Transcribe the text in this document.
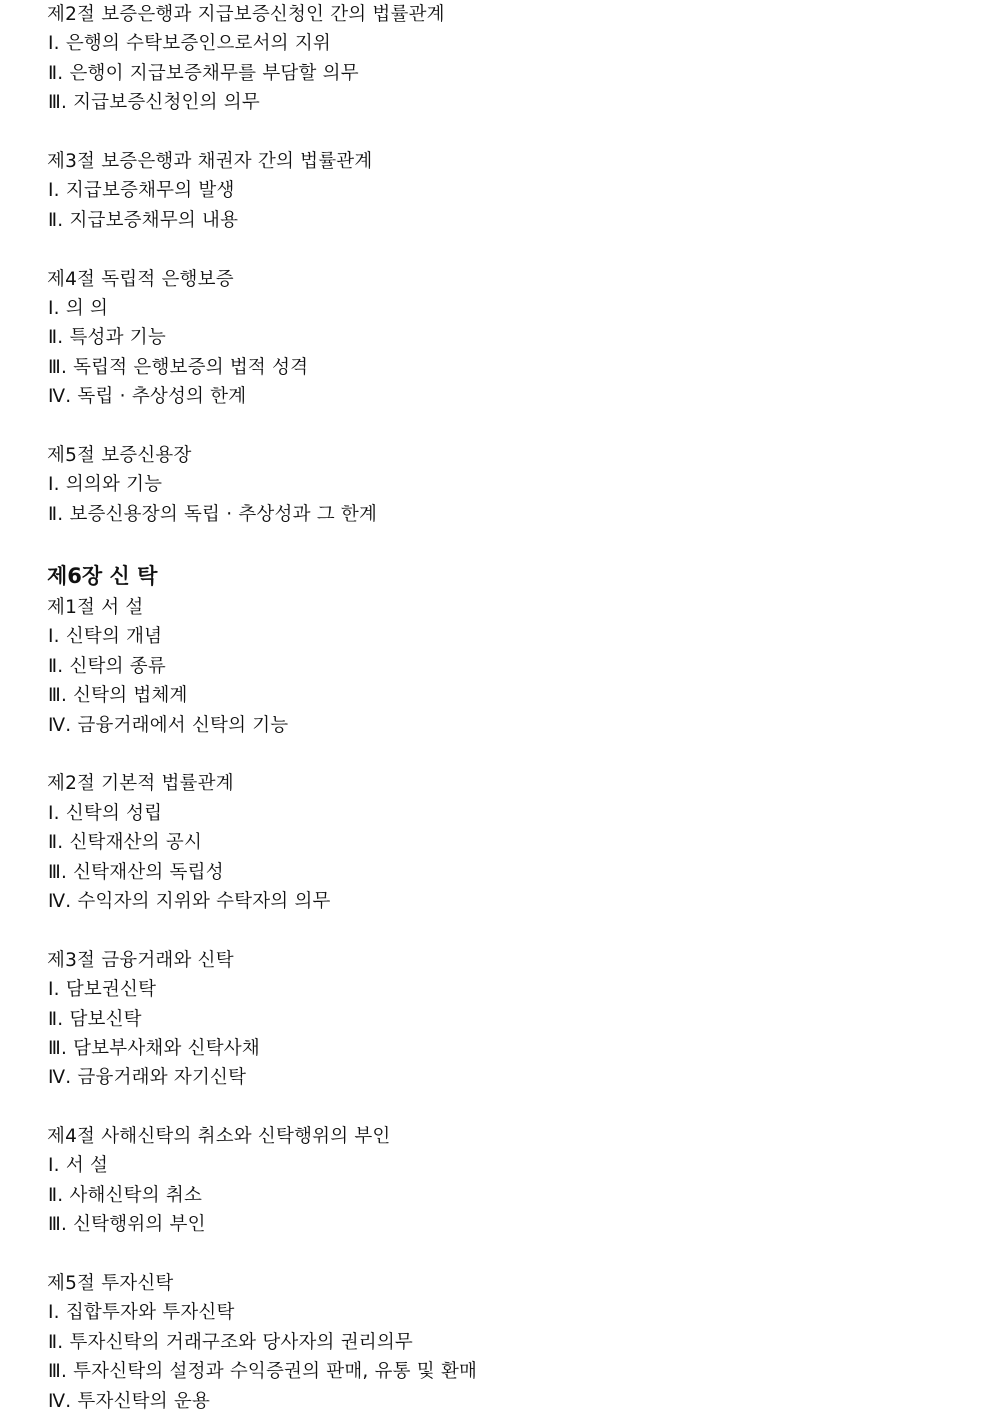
제2절 보증은행과 지급보증신청인 간의 법률관계
Ⅰ. 은행의 수탁보증인으로서의 지위
Ⅱ. 은행이 지급보증채무를 부담할 의무
Ⅲ. 지급보증신청인의 의무
제3절 보증은행과 채권자 간의 법률관계
Ⅰ. 지급보증채무의 발생
Ⅱ. 지급보증채무의 내용
제4절 독립적 은행보증
Ⅰ. 의 의
Ⅱ. 특성과 기능
Ⅲ. 독립적 은행보증의 법적 성격
Ⅳ. 독립 · 추상성의 한계
제5절 보증신용장
Ⅰ. 의의와 기능
Ⅱ. 보증신용장의 독립 · 추상성과 그 한계
제6장 신 탁
제1절 서 설
Ⅰ. 신탁의 개념
Ⅱ. 신탁의 종류
Ⅲ. 신탁의 법체계
Ⅳ. 금융거래에서 신탁의 기능
제2절 기본적 법률관계
Ⅰ. 신탁의 성립
Ⅱ. 신탁재산의 공시
Ⅲ. 신탁재산의 독립성
Ⅳ. 수익자의 지위와 수탁자의 의무
제3절 금융거래와 신탁
Ⅰ. 담보권신탁
Ⅱ. 담보신탁
Ⅲ. 담보부사채와 신탁사채
Ⅳ. 금융거래와 자기신탁
제4절 사해신탁의 취소와 신탁행위의 부인
Ⅰ. 서 설
Ⅱ. 사해신탁의 취소
Ⅲ. 신탁행위의 부인
제5절 투자신탁
Ⅰ. 집합투자와 투자신탁
Ⅱ. 투자신탁의 거래구조와 당사자의 권리의무
Ⅲ. 투자신탁의 설정과 수익증권의 판매, 유통 및 환매
Ⅳ. 투자신탁의 운용
